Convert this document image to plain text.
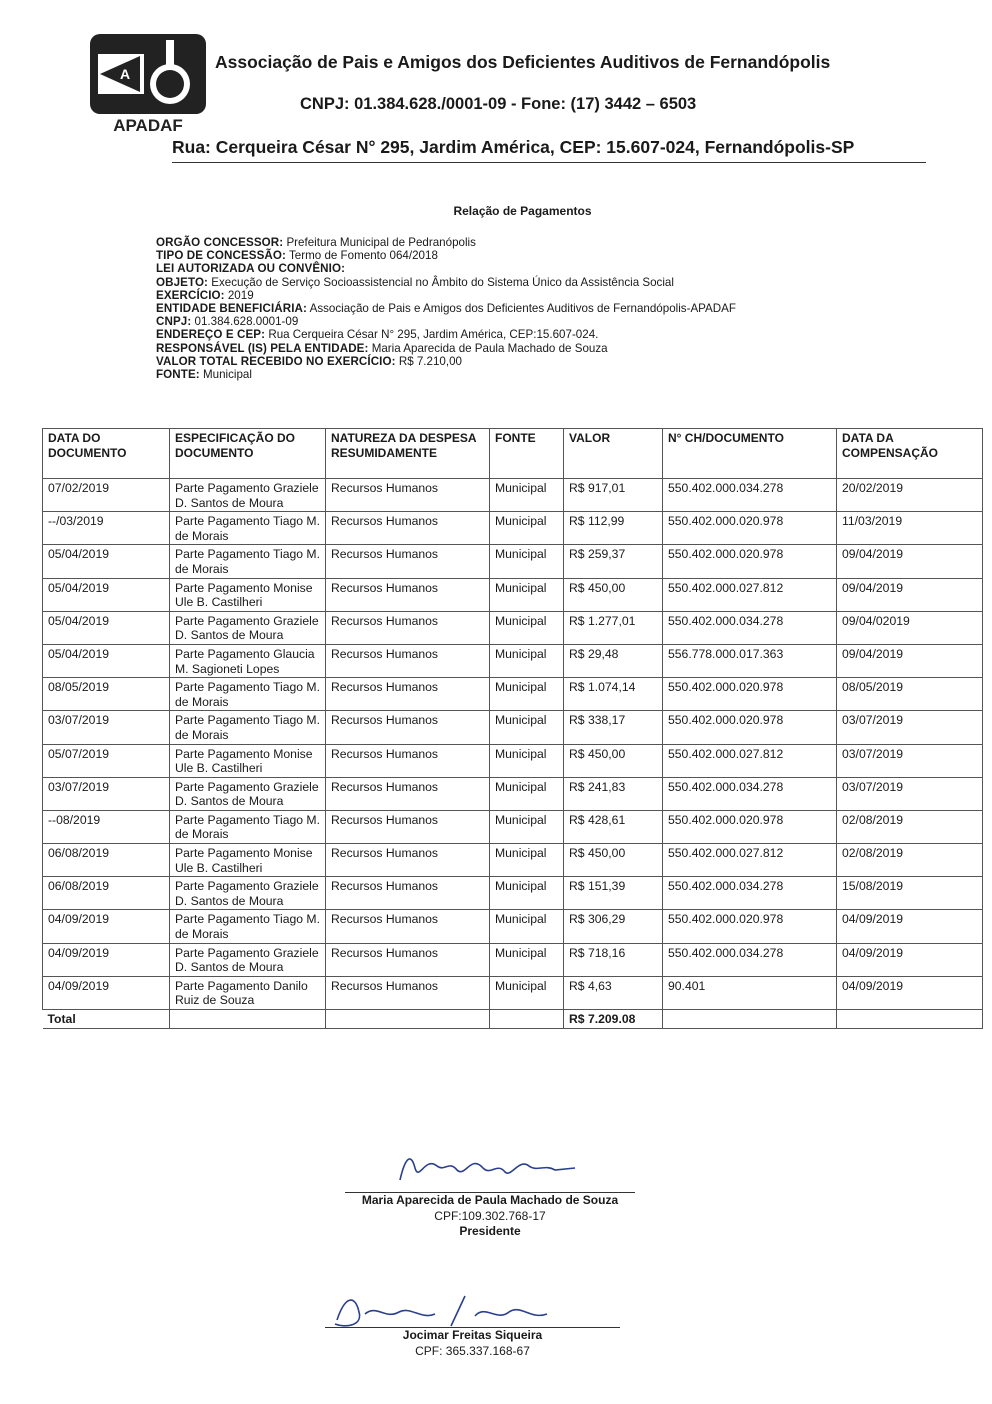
A
APADAF
Associação de Pais e Amigos dos Deficientes Auditivos de Fernandópolis
CNPJ: 01.384.628./0001-09 - Fone: (17) 3442 – 6503
Rua: Cerqueira César N° 295, Jardim América, CEP: 15.607-024, Fernandópolis-SP
Relação de Pagamentos
ORGÃO CONCESSOR: Prefeitura Municipal de Pedranópolis
TIPO DE CONCESSÃO: Termo de Fomento 064/2018
LEI AUTORIZADA OU CONVÊNIO:
OBJETO: Execução de Serviço Socioassistencial no Âmbito do Sistema Único da Assistência Social
EXERCÍCIO: 2019
ENTIDADE BENEFICIÁRIA: Associação de Pais e Amigos dos Deficientes Auditivos de Fernandópolis-APADAF
CNPJ: 01.384.628.0001-09
ENDEREÇO E CEP: Rua Cerqueira César N° 295, Jardim América, CEP:15.607-024.
RESPONSÁVEL (IS) PELA ENTIDADE: Maria Aparecida de Paula Machado de Souza
VALOR TOTAL RECEBIDO NO EXERCÍCIO: R$ 7.210,00
FONTE: Municipal
DATA DO DOCUMENTO	ESPECIFICAÇÃO DO DOCUMENTO	NATUREZA DA DESPESA RESUMIDAMENTE	FONTE	VALOR	N° CH/DOCUMENTO	DATA DA COMPENSAÇÃO
07/02/2019	Parte Pagamento Graziele D. Santos de Moura	Recursos Humanos	Municipal	R$ 917,01	550.402.000.034.278	20/02/2019
--/03/2019	Parte Pagamento Tiago M. de Morais	Recursos Humanos	Municipal	R$ 112,99	550.402.000.020.978	11/03/2019
05/04/2019	Parte Pagamento Tiago M. de Morais	Recursos Humanos	Municipal	R$ 259,37	550.402.000.020.978	09/04/2019
05/04/2019	Parte Pagamento Monise Ule B. Castilheri	Recursos Humanos	Municipal	R$ 450,00	550.402.000.027.812	09/04/2019
05/04/2019	Parte Pagamento Graziele D. Santos de Moura	Recursos Humanos	Municipal	R$ 1.277,01	550.402.000.034.278	09/04/02019
05/04/2019	Parte Pagamento Glaucia M. Sagioneti Lopes	Recursos Humanos	Municipal	R$ 29,48	556.778.000.017.363	09/04/2019
08/05/2019	Parte Pagamento Tiago M. de Morais	Recursos Humanos	Municipal	R$ 1.074,14	550.402.000.020.978	08/05/2019
03/07/2019	Parte Pagamento Tiago M. de Morais	Recursos Humanos	Municipal	R$ 338,17	550.402.000.020.978	03/07/2019
05/07/2019	Parte Pagamento Monise Ule B. Castilheri	Recursos Humanos	Municipal	R$ 450,00	550.402.000.027.812	03/07/2019
03/07/2019	Parte Pagamento Graziele D. Santos de Moura	Recursos Humanos	Municipal	R$ 241,83	550.402.000.034.278	03/07/2019
--08/2019	Parte Pagamento Tiago M. de Morais	Recursos Humanos	Municipal	R$ 428,61	550.402.000.020.978	02/08/2019
06/08/2019	Parte Pagamento Monise Ule B. Castilheri	Recursos Humanos	Municipal	R$ 450,00	550.402.000.027.812	02/08/2019
06/08/2019	Parte Pagamento Graziele D. Santos de Moura	Recursos Humanos	Municipal	R$ 151,39	550.402.000.034.278	15/08/2019
04/09/2019	Parte Pagamento Tiago M. de Morais	Recursos Humanos	Municipal	R$ 306,29	550.402.000.020.978	04/09/2019
04/09/2019	Parte Pagamento Graziele D. Santos de Moura	Recursos Humanos	Municipal	R$ 718,16	550.402.000.034.278	04/09/2019
04/09/2019	Parte Pagamento Danilo Ruiz de Souza	Recursos Humanos	Municipal	R$ 4,63	90.401	04/09/2019
Total				R$ 7.209.08		
Maria Aparecida de Paula Machado de Souza
CPF:109.302.768-17
Presidente
Jocimar Freitas Siqueira
CPF: 365.337.168-67
